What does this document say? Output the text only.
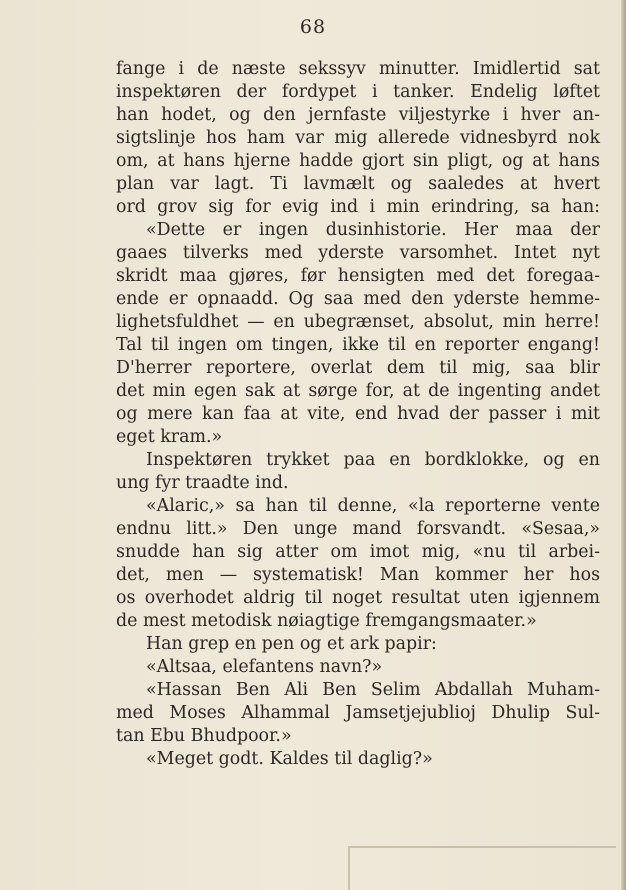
68
fange i de næste sekssyv minutter. Imidlertid sat
inspektøren der fordypet i tanker. Endelig løftet
han hodet, og den jernfaste viljestyrke i hver an-
sigtslinje hos ham var mig allerede vidnesbyrd nok
om, at hans hjerne hadde gjort sin pligt, og at hans
plan var lagt. Ti lavmælt og saaledes at hvert
ord grov sig for evig ind i min erindring, sa han:
«Dette er ingen dusinhistorie. Her maa der
gaaes tilverks med yderste varsomhet. Intet nyt
skridt maa gjøres, før hensigten med det foregaa-
ende er opnaadd. Og saa med den yderste hemme-
lighetsfuldhet — en ubegrænset, absolut, min herre!
Tal til ingen om tingen, ikke til en reporter engang!
D'herrer reportere, overlat dem til mig, saa blir
det min egen sak at sørge for, at de ingenting andet
og mere kan faa at vite, end hvad der passer i mit
eget kram.»
Inspektøren trykket paa en bordklokke, og en
ung fyr traadte ind.
«Alaric,» sa han til denne, «la reporterne vente
endnu litt.» Den unge mand forsvandt. «Sesaa,»
snudde han sig atter om imot mig, «nu til arbei-
det, men — systematisk! Man kommer her hos
os overhodet aldrig til noget resultat uten igjennem
de mest metodisk nøiagtige fremgangsmaater.»
Han grep en pen og et ark papir:
«Altsaa, elefantens navn?»
«Hassan Ben Ali Ben Selim Abdallah Muham-
med Moses Alhammal Jamsetjejublioj Dhulip Sul-
tan Ebu Bhudpoor.»
«Meget godt. Kaldes til daglig?»
